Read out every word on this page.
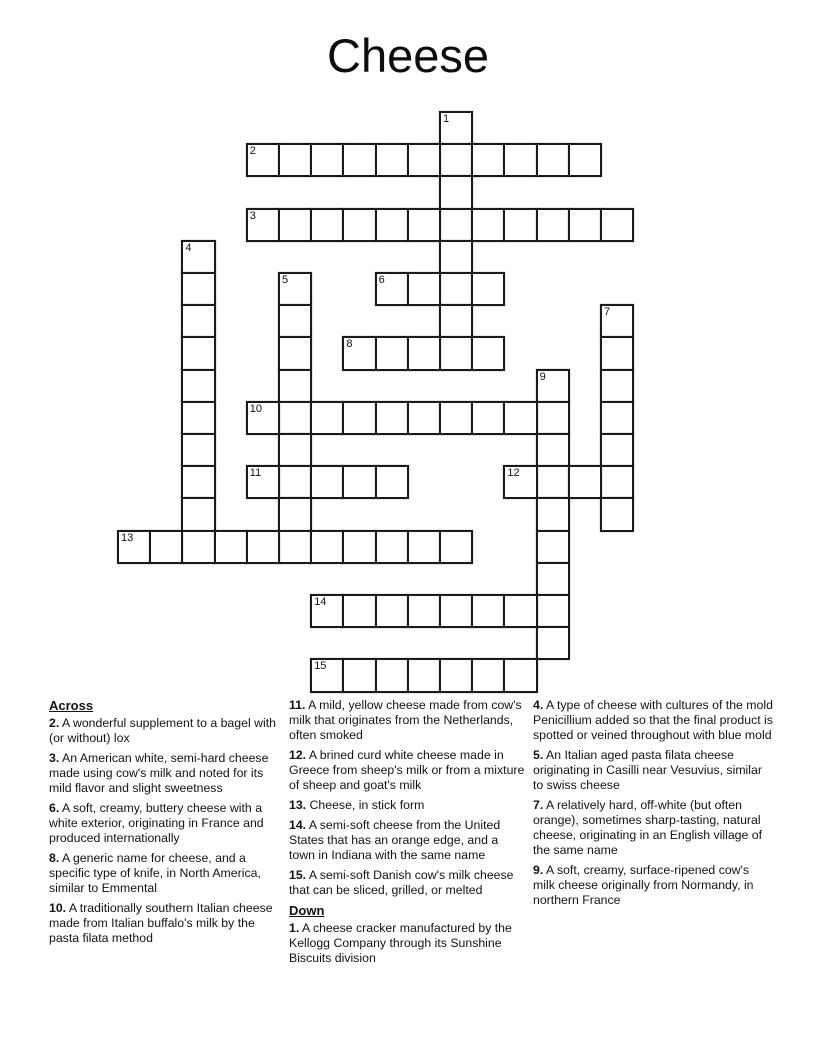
Cheese
1
2
3
4
5	6
7
8
9
10
11	12
13
14
15
Across

2. A wonderful supplement to a bagel with (or without) lox

3. An American white, semi-hard cheese made using cow's milk and noted for its mild flavor and slight sweetness

6. A soft, creamy, buttery cheese with a white exterior, originating in France and produced internationally

8. A generic name for cheese, and a specific type of knife, in North America, similar to Emmental

10. A traditionally southern Italian cheese made from Italian buffalo's milk by the pasta filata method

11. A mild, yellow cheese made from cow's milk that originates from the Netherlands, often smoked

12. A brined curd white cheese made in Greece from sheep's milk or from a mixture of sheep and goat's milk

13. Cheese, in stick form

14. A semi-soft cheese from the United States that has an orange edge, and a town in Indiana with the same name

15. A semi-soft Danish cow's milk cheese that can be sliced, grilled, or melted

Down

1. A cheese cracker manufactured by the Kellogg Company through its Sunshine Biscuits division

4. A type of cheese with cultures of the mold Penicillium added so that the final product is spotted or veined throughout with blue mold

5. An Italian aged pasta filata cheese originating in Casilli near Vesuvius, similar to swiss cheese

7. A relatively hard, off-white (but often orange), sometimes sharp-tasting, natural cheese, originating in an English village of the same name

9. A soft, creamy, surface-ripened cow's milk cheese originally from Normandy, in northern France
